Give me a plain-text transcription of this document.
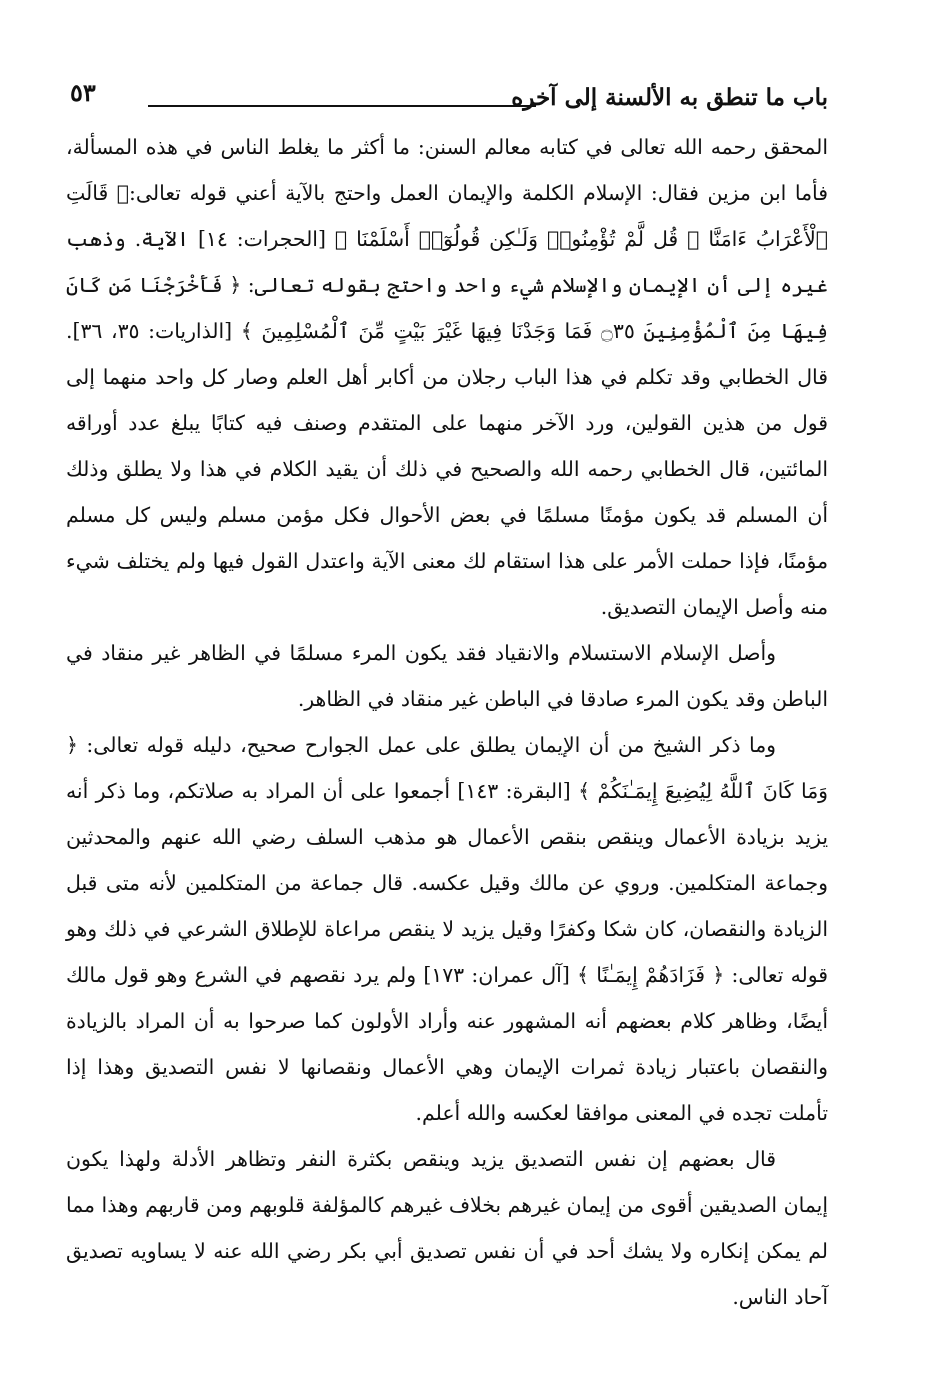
باب ما تنطق به الألسنة إلى آخره
٥٣

المحقق رحمه الله تعالى في كتابه معالم السنن: ما أكثر ما يغلط الناس في هذه المسألة، فأما ابن مزين فقال: الإسلام الكلمة والإيمان العمل واحتج بالآية أعني قوله تعالى:﴿ قَالَتِ ٱلْأَعْرَابُ ءَامَنَّا ۖ قُل لَّمْ تُؤْمِنُوا۟ وَلَـٰكِن قُولُوٓا۟ أَسْلَمْنَا ﴾ [الحجرات: ١٤] الآية. وذهب غيره إلى أن الإيمان والإسلام شيء واحد واحتج بقوله تعالى: ﴿ فَأَخْرَجْنَا مَن كَانَ فِيهَا مِنَ ٱلْمُؤْمِنِينَ ۝٣٥ فَمَا وَجَدْنَا فِيهَا غَيْرَ بَيْتٍ مِّنَ ٱلْمُسْلِمِينَ ﴾ [الذاريات: ٣٥، ٣٦]. قال الخطابي وقد تكلم في هذا الباب رجلان من أكابر أهل العلم وصار كل واحد منهما إلى قول من هذين القولين، ورد الآخر منهما على المتقدم وصنف فيه كتابًا يبلغ عدد أوراقه المائتين، قال الخطابي رحمه الله والصحيح في ذلك أن يقيد الكلام في هذا ولا يطلق وذلك أن المسلم قد يكون مؤمنًا مسلمًا في بعض الأحوال فكل مؤمن مسلم وليس كل مسلم مؤمنًا، فإذا حملت الأمر على هذا استقام لك معنى الآية واعتدل القول فيها ولم يختلف شيء منه وأصل الإيمان التصديق.

وأصل الإسلام الاستسلام والانقياد فقد يكون المرء مسلمًا في الظاهر غير منقاد في الباطن وقد يكون المرء صادقا في الباطن غير منقاد في الظاهر.

وما ذكر الشيخ من أن الإيمان يطلق على عمل الجوارح صحيح، دليله قوله تعالى: ﴿ وَمَا كَانَ ٱللَّهُ لِيُضِيعَ إِيمَـٰنَكُمْ ﴾ [البقرة: ١٤٣] أجمعوا على أن المراد به صلاتكم، وما ذكر أنه يزيد بزيادة الأعمال وينقص بنقص الأعمال هو مذهب السلف رضي الله عنهم والمحدثين وجماعة المتكلمين. وروي عن مالك وقيل عكسه. قال جماعة من المتكلمين لأنه متى قبل الزيادة والنقصان، كان شكا وكفرًا وقيل يزيد لا ينقص مراعاة للإطلاق الشرعي في ذلك وهو قوله تعالى: ﴿ فَزَادَهُمْ إِيمَـٰنًا ﴾ [آل عمران: ١٧٣] ولم يرد نقصهم في الشرع وهو قول مالك أيضًا، وظاهر كلام بعضهم أنه المشهور عنه وأراد الأولون كما صرحوا به أن المراد بالزيادة والنقصان باعتبار زيادة ثمرات الإيمان وهي الأعمال ونقصانها لا نفس التصديق وهذا إذا تأملت تجده في المعنى موافقا لعكسه والله أعلم.

قال بعضهم إن نفس التصديق يزيد وينقص بكثرة النفر وتظاهر الأدلة ولهذا يكون إيمان الصديقين أقوى من إيمان غيرهم بخلاف غيرهم كالمؤلفة قلوبهم ومن قاربهم وهذا مما لم يمكن إنكاره ولا يشك أحد في أن نفس تصديق أبي بكر رضي الله عنه لا يساويه تصديق آحاد الناس.
